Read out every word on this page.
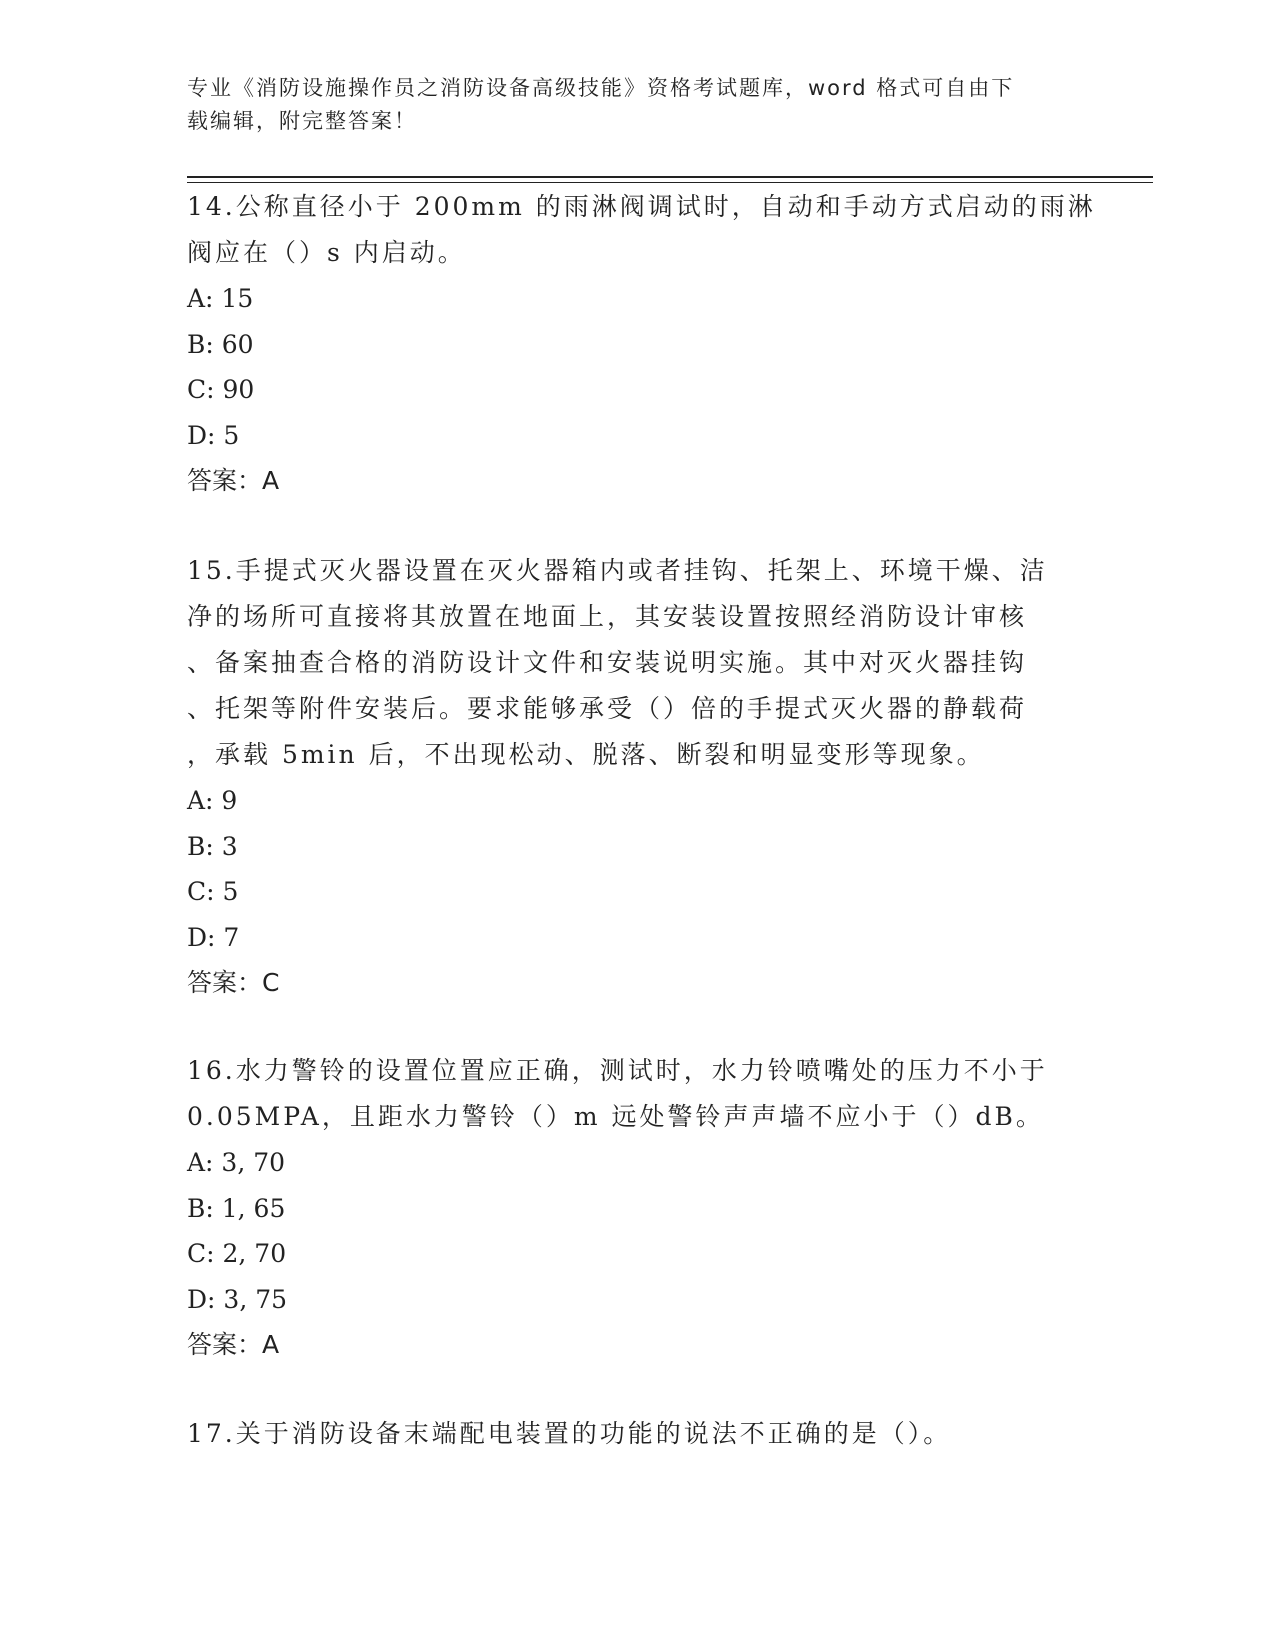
专业《消防设施操作员之消防设备高级技能》资格考试题库，word 格式可自由下
载编辑，附完整答案！
14.公称直径小于 200mm 的雨淋阀调试时，自动和手动方式启动的雨淋
阀应在（）s 内启动。
A: 15
B: 60
C: 90
D: 5
答案：A
15.手提式灭火器设置在灭火器箱内或者挂钩、托架上、环境干燥、洁
净的场所可直接将其放置在地面上，其安装设置按照经消防设计审核
、备案抽查合格的消防设计文件和安装说明实施。其中对灭火器挂钩
、托架等附件安装后。要求能够承受（）倍的手提式灭火器的静载荷
，承载 5min 后，不出现松动、脱落、断裂和明显变形等现象。
A: 9
B: 3
C: 5
D: 7
答案：C
16.水力警铃的设置位置应正确，测试时，水力铃喷嘴处的压力不小于
0.05MPA，且距水力警铃（）m 远处警铃声声墙不应小于（）dB。
A: 3, 70
B: 1, 65
C: 2, 70
D: 3, 75
答案：A
17.关于消防设备末端配电装置的功能的说法不正确的是（）。
